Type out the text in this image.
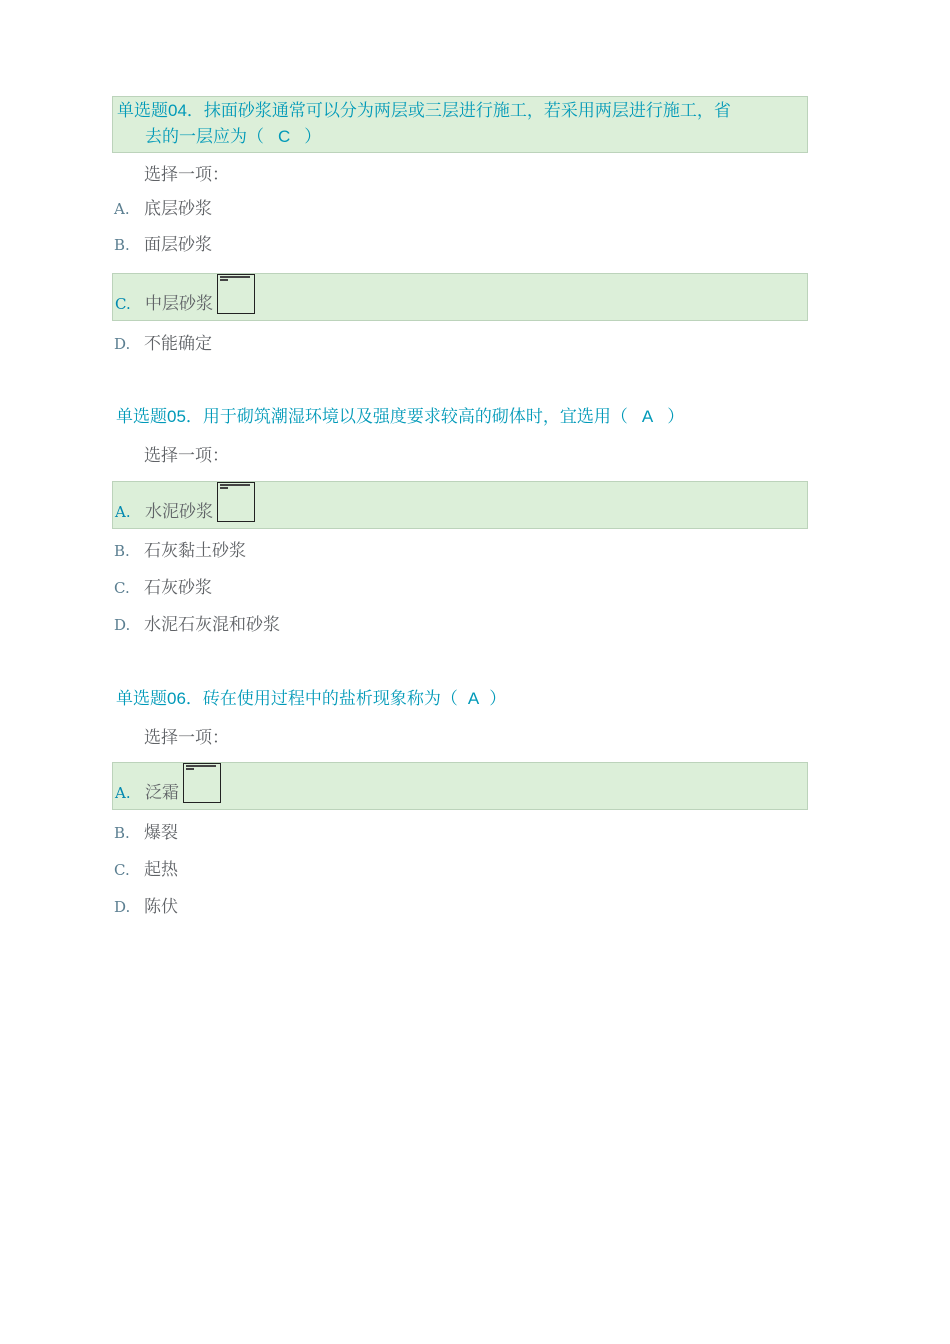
单选题04．抹面砂浆通常可以分为两层或三层进行施工，若采用两层进行施工，省
去的一层应为（ C ）
选择一项：
A. 底层砂浆
B. 面层砂浆
C. 中层砂浆
D. 不能确定
单选题05．用于砌筑潮湿环境以及强度要求较高的砌体时，宜选用（ A ）
选择一项：
A. 水泥砂浆
B. 石灰黏土砂浆
C. 石灰砂浆
D. 水泥石灰混和砂浆
单选题06．砖在使用过程中的盐析现象称为（ A ）
选择一项：
A. 泛霜
B. 爆裂
C. 起热
D. 陈伏
